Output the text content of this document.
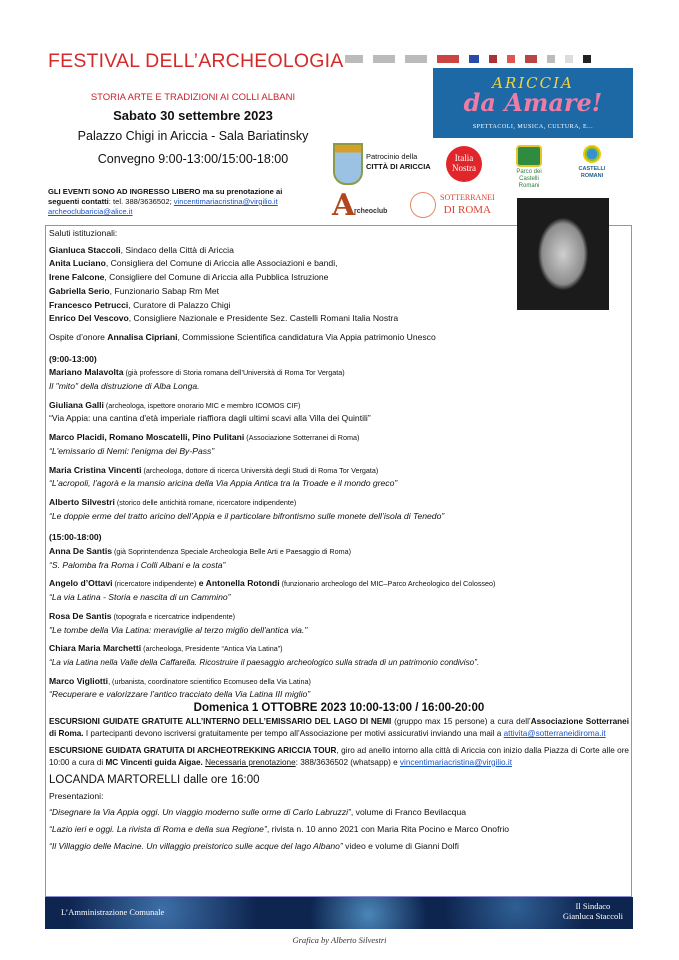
FESTIVAL DELL’ARCHEOLOGIA
STORIA ARTE E TRADIZIONI AI COLLI ALBANI
Sabato 30 settembre 2023
Palazzo Chigi in Ariccia - Sala Bariatinsky
Convegno 9:00-13:00/15:00-18:00
GLI EVENTI SONO AD INGRESSO LIBERO ma su prenotazione ai
seguenti contatti: tel. 388/3636502; vincentimariacristina@virgilio.it
archeoclubaricia@alice.it
ARICCIA
da Amare!
SPETTACOLI, MUSICA, CULTURA, E...
Patrocinio della
CITTÀ DI ARICCIA
Italia Nostra	Parco dei Castelli Romani
CASTELLI ROMANI
A
rcheoclub
SOTTERRANEI
DI ROMA

Saluti istituzionali:

Gianluca Staccoli, Sindaco della Città di Ariccia

Anita Luciano, Consigliera del Comune di Ariccia alle Associazioni e bandi,

Irene Falcone, Consigliere del Comune di Ariccia alla Pubblica Istruzione

Gabriella Serio, Funzionario Sabap Rm Met

Francesco Petrucci, Curatore di Palazzo Chigi

Enrico Del Vescovo, Consigliere Nazionale e Presidente Sez. Castelli Romani Italia Nostra

Ospite d’onore Annalisa Cipriani, Commissione Scientifica candidatura Via Appia patrimonio Unesco

(9:00-13:00)

Mariano Malavolta (già professore di Storia romana dell’Università di Roma Tor Vergata)

Il "mito" della distruzione di Alba Longa.

Giuliana Galli (archeologa, ispettore onorario MIC e membro ICOMOS CIF)

“Via Appia: una cantina d'età imperiale riaffiora dagli ultimi scavi alla Villa dei Quintili”

Marco Placidi, Romano Moscatelli, Pino Pulitani (Associazione Sotterranei di Roma)

“L'emissario di Nemi: l'enigma dei By-Pass”

Maria Cristina Vincenti (archeologa, dottore di ricerca Università degli Studi di Roma Tor Vergata)

“L’acropoli, l’agorà e la mansio aricina della Via Appia Antica tra la Troade e il mondo greco”

Alberto Silvestri (storico delle antichità romane, ricercatore indipendente)

“Le doppie erme del tratto aricino dell’Appia e il particolare bifrontismo sulle monete dell’isola di Tenedo”

(15:00-18:00)

Anna De Santis (già Soprintendenza Speciale Archeologia Belle Arti e Paesaggio di Roma)

“S. Palomba fra Roma i Colli Albani e la costa”

Angelo d’Ottavi (ricercatore indipendente) e Antonella Rotondi (funzionario archeologo del MIC–Parco Archeologico del Colosseo)

“La via Latina - Storia e nascita di un Cammino”

Rosa De Santis (topografa e ricercatrice indipendente)

"Le tombe della Via Latina: meraviglie al terzo miglio dell'antica via."

Chiara Maria Marchetti (archeologa, Presidente “Antica Via Latina”)

“La via Latina nella Valle della Caffarella. Ricostruire il paesaggio archeologico sulla strada di un patrimonio condiviso”.

Marco Vigliotti, (urbanista, coordinatore scientifico Ecomuseo della Via Latina)

“Recuperare e valorizzare l’antico tracciato della Via Latina III miglio”

Domenica 1 OTTOBRE 2023 10:00-13:00 / 16:00-20:00

ESCURSIONI GUIDATE GRATUITE ALL’INTERNO DELL’EMISSARIO DEL LAGO DI NEMI (gruppo max 15 persone) a cura dell’Associazione Sotterranei di Roma. I partecipanti devono iscriversi gratuitamente per tempo all’Associazione per motivi assicurativi inviando una mail a attivita@sotterraneidiroma.it

ESCURSIONE GUIDATA GRATUITA DI ARCHEOTREKKING ARICCIA TOUR, giro ad anello intorno alla città di Ariccia con inizio dalla Piazza di Corte alle ore 10:00 a cura di MC Vincenti guida Aigae. Necessaria prenotazione: 388/3636502 (whatsapp) e vincentimariacristina@virgilio.it

LOCANDA MARTORELLI dalle ore 16:00

Presentazioni:

“Disegnare la Via Appia oggi. Un viaggio moderno sulle orme di Carlo Labruzzi”, volume di Franco Bevilacqua

“Lazio ieri e oggi. La rivista di Roma e della sua Regione”, rivista n. 10 anno 2021 con Maria Rita Pocino e Marco Onofrio

“Il Villaggio delle Macine. Un villaggio preistorico sulle acque del lago Albano” video e volume di Gianni Dolfi

L’Amministrazione Comunale
Il Sindaco
Gianluca Staccoli
Grafica by Alberto Silvestri
